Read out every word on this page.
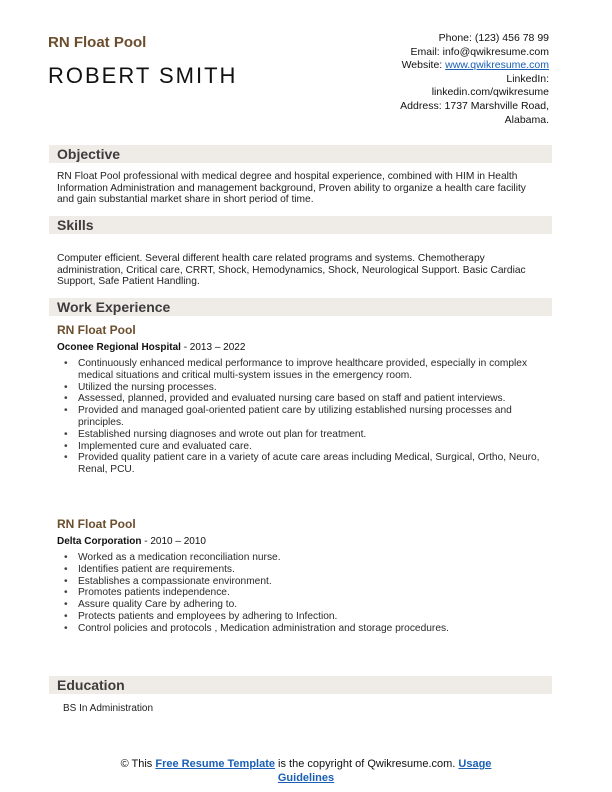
RN Float Pool
ROBERT SMITH
Phone: (123) 456 78 99
Email: info@qwikresume.com
Website: www.qwikresume.com
LinkedIn:
linkedin.com/qwikresume
Address: 1737 Marshville Road,
Alabama.
Objective
RN Float Pool professional with medical degree and hospital experience, combined with HIM in Health Information Administration and management background, Proven ability to organize a health care facility and gain substantial market share in short period of time.
Skills
Computer efficient. Several different health care related programs and systems. Chemotherapy administration, Critical care, CRRT, Shock, Hemodynamics, Shock, Neurological Support. Basic Cardiac Support, Safe Patient Handling.
Work Experience
RN Float Pool
Oconee Regional Hospital - 2013 – 2022
• Continuously enhanced medical performance to improve healthcare provided, especially in complex medical situations and critical multi-system issues in the emergency room.
• Utilized the nursing processes.
• Assessed, planned, provided and evaluated nursing care based on staff and patient interviews.
• Provided and managed goal-oriented patient care by utilizing established nursing processes and principles.
• Established nursing diagnoses and wrote out plan for treatment.
• Implemented cure and evaluated care.
• Provided quality patient care in a variety of acute care areas including Medical, Surgical, Ortho, Neuro, Renal, PCU.
RN Float Pool
Delta Corporation - 2010 – 2010
• Worked as a medication reconciliation nurse.
• Identifies patient are requirements.
• Establishes a compassionate environment.
• Promotes patients independence.
• Assure quality Care by adhering to.
• Protects patients and employees by adhering to Infection.
• Control policies and protocols , Medication administration and storage procedures.
Education
BS In Administration
© This Free Resume Template is the copyright of Qwikresume.com. Usage
Guidelines
